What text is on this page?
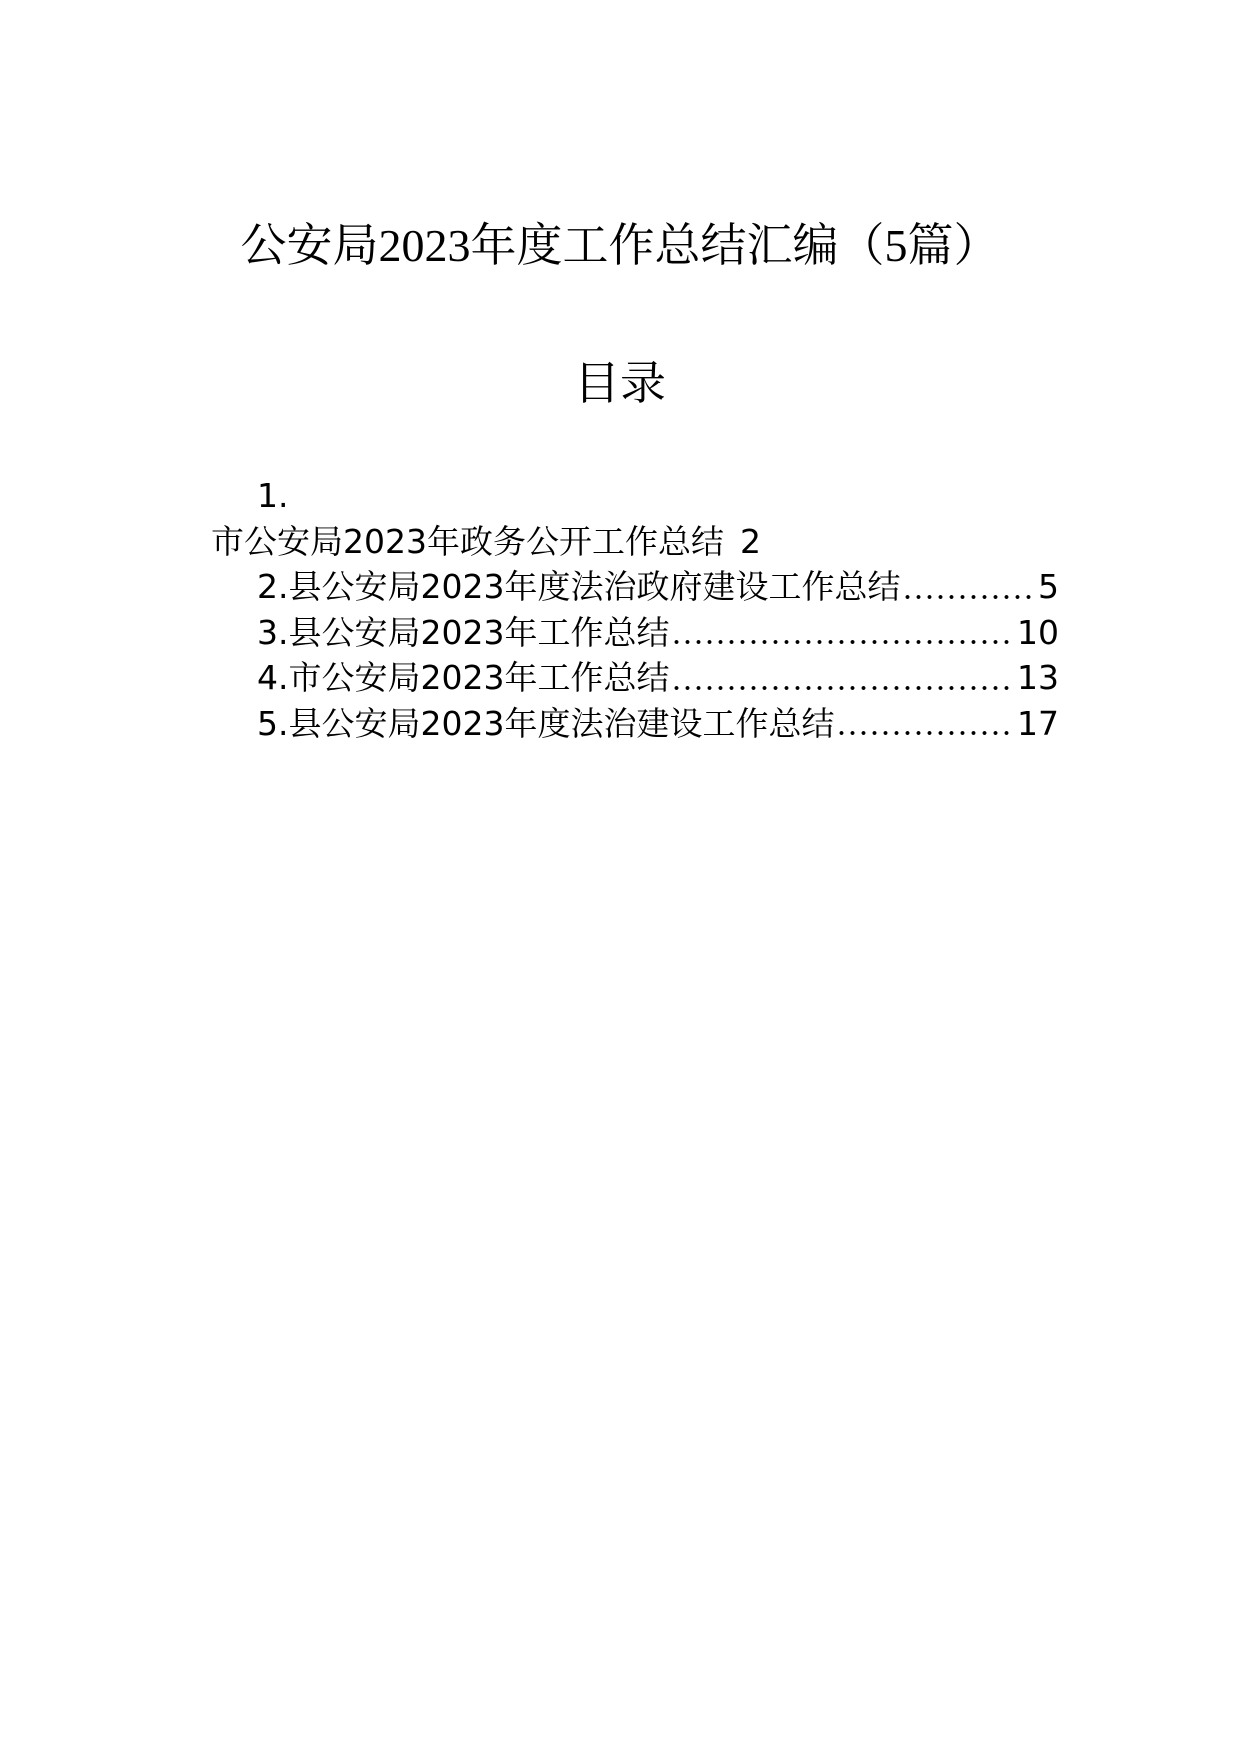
公安局2023年度工作总结汇编（5篇）
目录
1.
市公安局2023年政务公开工作总结 2
2.县公安局2023年度法治政府建设工作总结	5
3.县公安局2023年工作总结	10
4.市公安局2023年工作总结	13
5.县公安局2023年度法治建设工作总结	17
